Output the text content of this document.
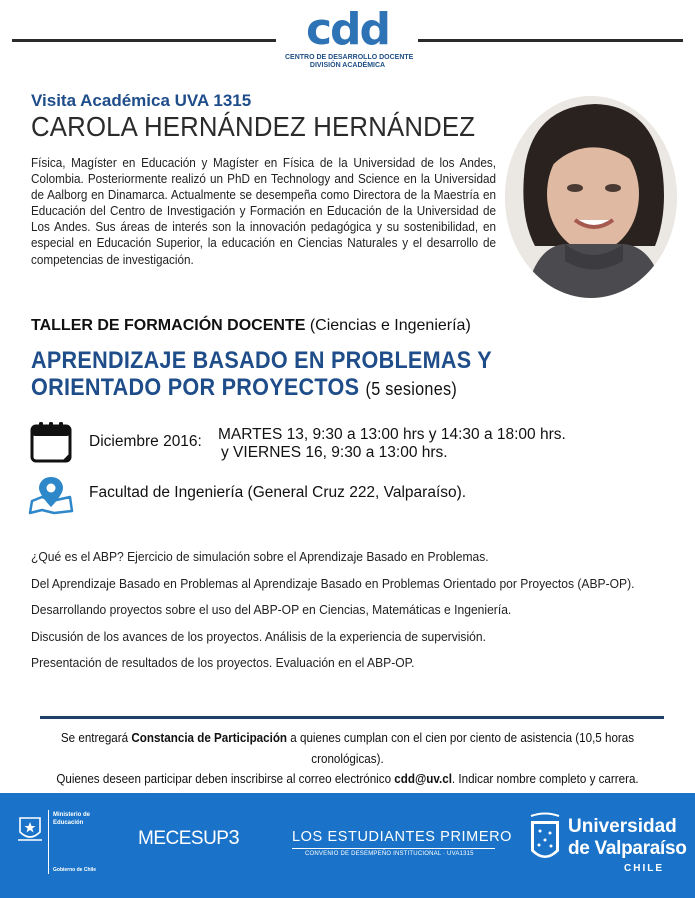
cdd
CENTRO DE DESARROLLO DOCENTE
DIVISIÓN ACADÉMICA
Visita Académica UVA 1315
CAROLA HERNÁNDEZ HERNÁNDEZ
Física, Magíster en Educación y Magíster en Física de la Universidad de los Andes, Colombia. Posteriormente realizó un PhD en Technology and Science en la Universidad de Aalborg en Dinamarca. Actualmente se desempeña como Directora de la Maestría en Educación del Centro de Investigación y Formación en Educación de la Universidad de Los Andes. Sus áreas de interés son la innovación pedagógica y su sostenibilidad, en especial en Educación Superior, la educación en Ciencias Naturales y el desarrollo de competencias de investigación.
TALLER DE FORMACIÓN DOCENTE (Ciencias e Ingeniería)
APRENDIZAJE BASADO EN PROBLEMAS Y
ORIENTADO POR PROYECTOS (5 sesiones)
Diciembre 2016: MARTES 13, 9:30 a 13:00 hrs y 14:30 a 18:00 hrs.
y VIERNES 16, 9:30 a 13:00 hrs.
Facultad de Ingeniería (General Cruz 222, Valparaíso).
¿Qué es el ABP? Ejercicio de simulación sobre el Aprendizaje Basado en Problemas.
Del Aprendizaje Basado en Problemas al Aprendizaje Basado en Problemas Orientado por Proyectos (ABP-OP).
Desarrollando proyectos sobre el uso del ABP-OP en Ciencias, Matemáticas e Ingeniería.
Discusión de los avances de los proyectos. Análisis de la experiencia de supervisión.
Presentación de resultados de los proyectos. Evaluación en el ABP-OP.
Se entregará Constancia de Participación a quienes cumplan con el cien por ciento de asistencia (10,5 horas cronológicas).
Quienes deseen participar deben inscribirse al correo electrónico cdd@uv.cl. Indicar nombre completo y carrera.
Ministerio de
Educación
Gobierno de Chile
MECESUP3	LOS ESTUDIANTES PRIMERO
CONVENIO DE DESEMPEÑO INSTITUCIONAL · UVA1315
Universidad
de Valparaíso
CHILE
